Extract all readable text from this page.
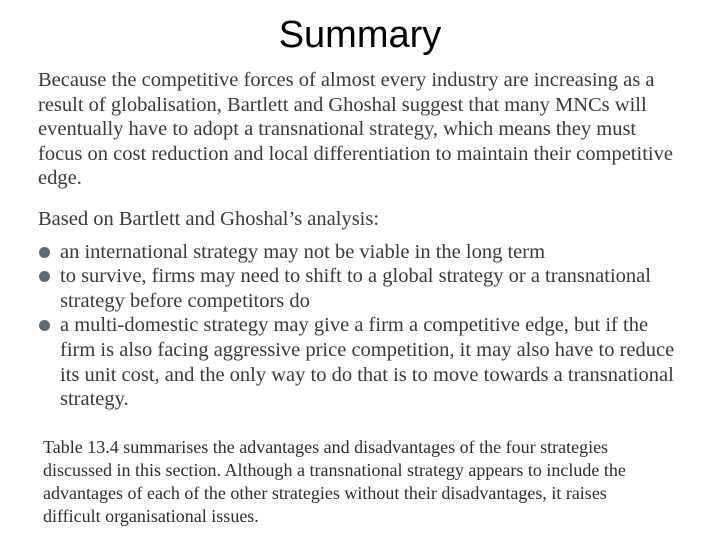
Summary

Because the competitive forces of almost every industry are increasing as a result of globalisation, Bartlett and Ghoshal suggest that many MNCs will eventually have to adopt a transnational strategy, which means they must focus on cost reduction and local differentiation to maintain their competitive edge.

Based on Bartlett and Ghoshal’s analysis:

an international strategy may not be viable in the long term
to survive, firms may need to shift to a global strategy or a transnational strategy before competitors do
a multi-domestic strategy may give a firm a competitive edge, but if the firm is also facing aggressive price competition, it may also have to reduce its unit cost, and the only way to do that is to move towards a transnational strategy.

Table 13.4 summarises the advantages and disadvantages of the four strategies discussed in this section. Although a transnational strategy appears to include the advantages of each of the other strategies without their disadvantages, it raises difficult organisational issues.
